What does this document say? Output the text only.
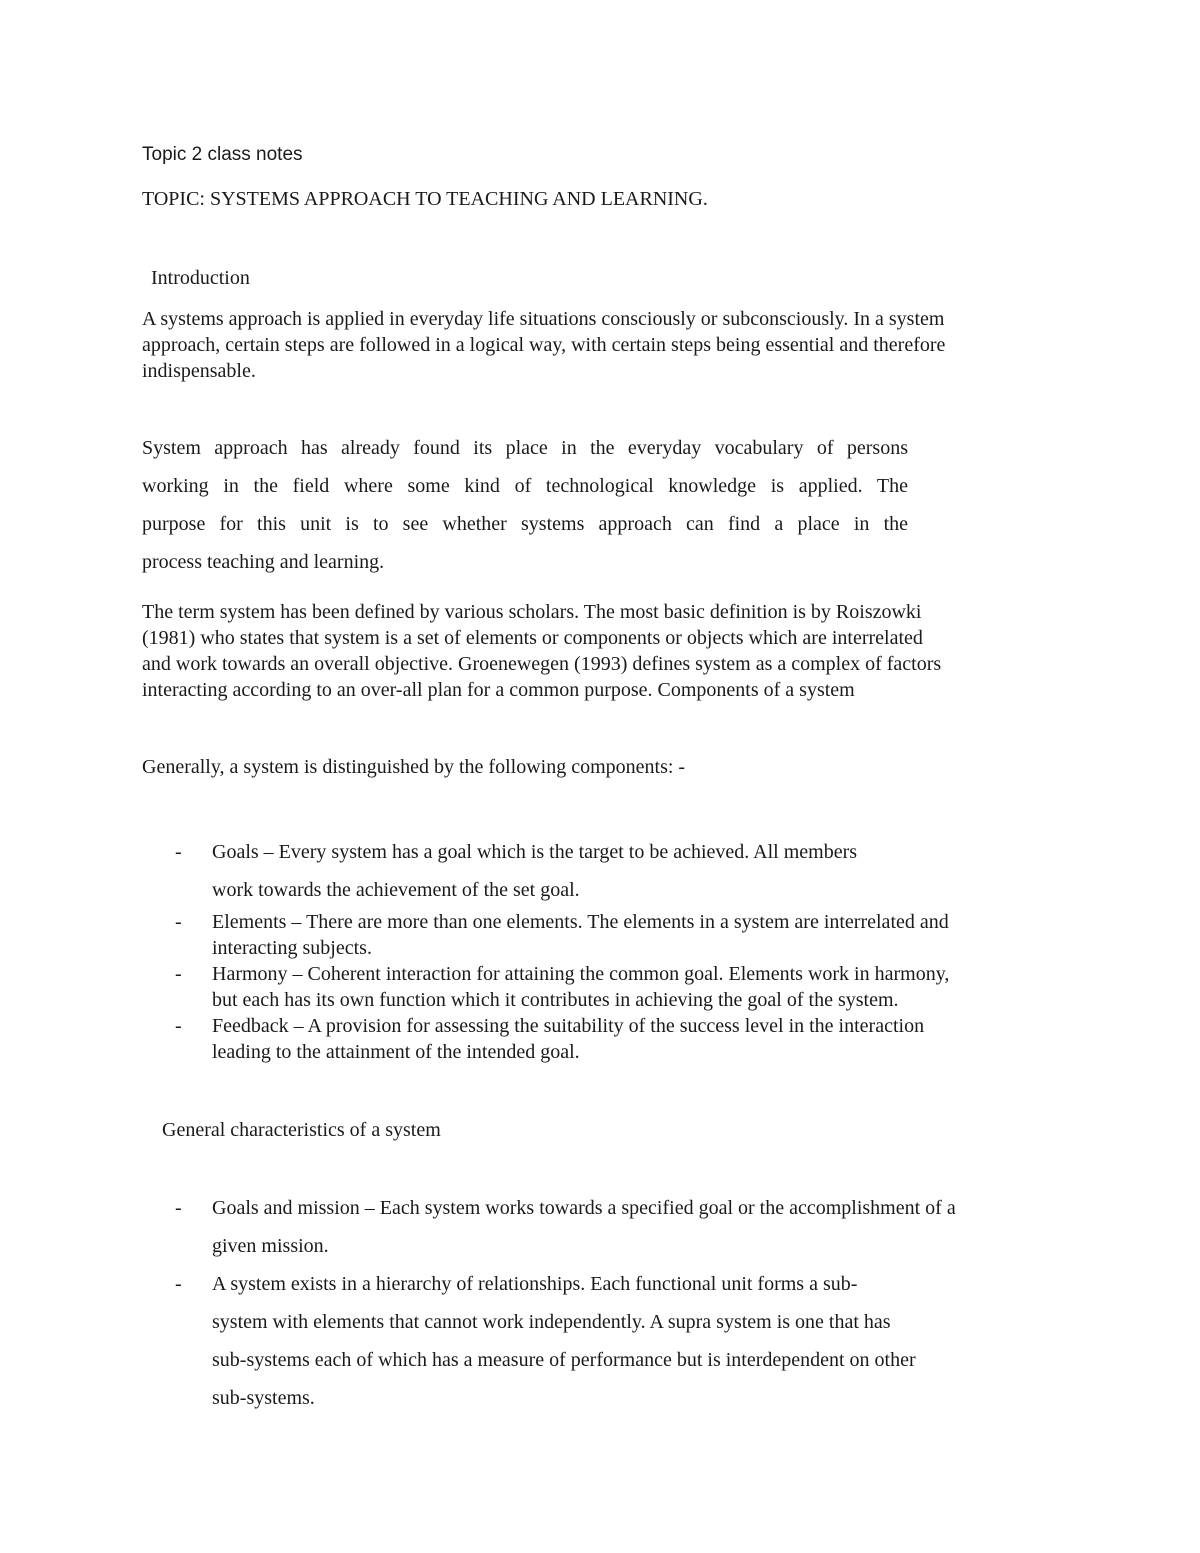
Topic 2 class notes

TOPIC: SYSTEMS APPROACH TO TEACHING AND LEARNING.

Introduction

A systems approach is applied in everyday life situations consciously or subconsciously. In a system
approach, certain steps are followed in a logical way, with certain steps being essential and therefore
indispensable.
System approach has already found its place in the everyday vocabulary of persons
working in the field where some kind of technological knowledge is applied. The
purpose for this unit is to see whether systems approach can find a place in the
process teaching and learning.
The term system has been defined by various scholars. The most basic definition is by Roiszowki
(1981) who states that system is a set of elements or components or objects which are interrelated
and work towards an overall objective. Groenewegen (1993) defines system as a complex of factors
interacting according to an over-all plan for a common purpose. Components of a system

Generally, a system is distinguished by the following components: -

- Goals – Every system has a goal which is the target to be achieved. All members
work towards the achievement of the set goal.
- Elements – There are more than one elements. The elements in a system are interrelated and
interacting subjects.
- Harmony – Coherent interaction for attaining the common goal. Elements work in harmony,
but each has its own function which it contributes in achieving the goal of the system.
- Feedback – A provision for assessing the suitability of the success level in the interaction
leading to the attainment of the intended goal.

General characteristics of a system

- Goals and mission – Each system works towards a specified goal or the accomplishment of a
given mission.
- A system exists in a hierarchy of relationships. Each functional unit forms a sub-
system with elements that cannot work independently. A supra system is one that has
sub-systems each of which has a measure of performance but is interdependent on other
sub-systems.
